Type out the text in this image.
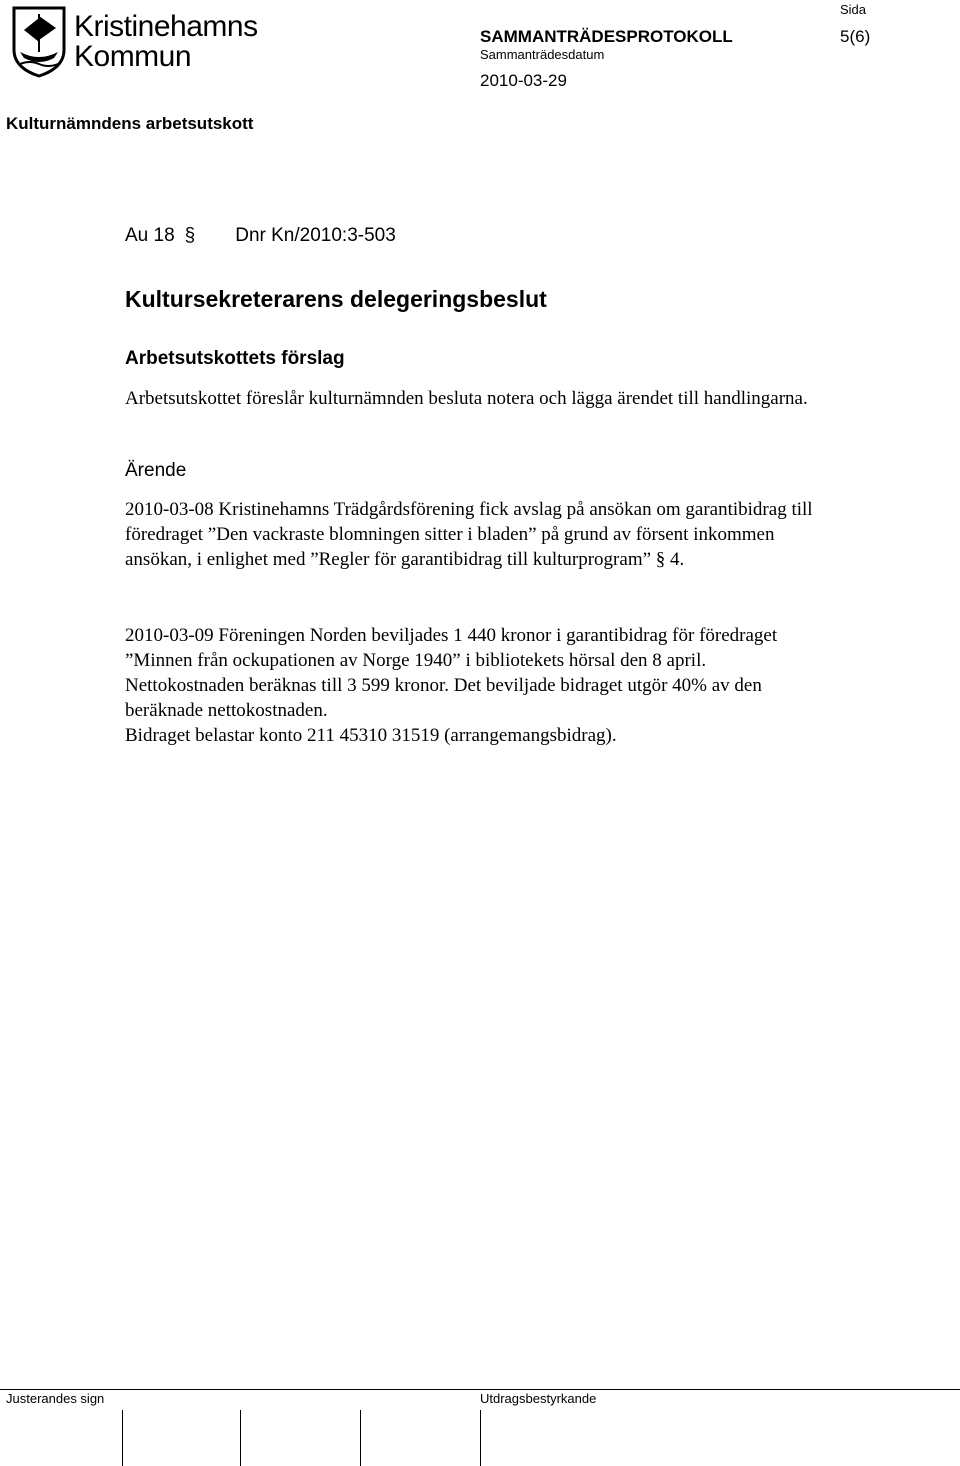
Kristinehamns
Kommun
Sida
SAMMANTRÄDESPROTOKOLL	5(6)
Sammanträdesdatum
2010-03-29
Kulturnämndens arbetsutskott
Au 18 § Dnr Kn/2010:3-503
Kultursekreterarens delegeringsbeslut
Arbetsutskottets förslag
Arbetsutskottet föreslår kulturnämnden besluta notera och lägga ärendet till handlingarna.
Ärende
2010-03-08 Kristinehamns Trädgårdsförening fick avslag på ansökan om garantibidrag till föredraget ”Den vackraste blomningen sitter i bladen” på grund av försent inkommen ansökan, i enlighet med ”Regler för garantibidrag till kulturprogram” § 4.
2010-03-09 Föreningen Norden beviljades 1 440 kronor i garantibidrag för föredraget ”Minnen från ockupationen av Norge 1940” i bibliotekets hörsal den 8 april. Nettokostnaden beräknas till 3 599 kronor. Det beviljade bidraget utgör 40% av den beräknade nettokostnaden.
Bidraget belastar konto 211 45310 31519 (arrangemangsbidrag).
Justerandes sign	Utdragsbestyrkande
